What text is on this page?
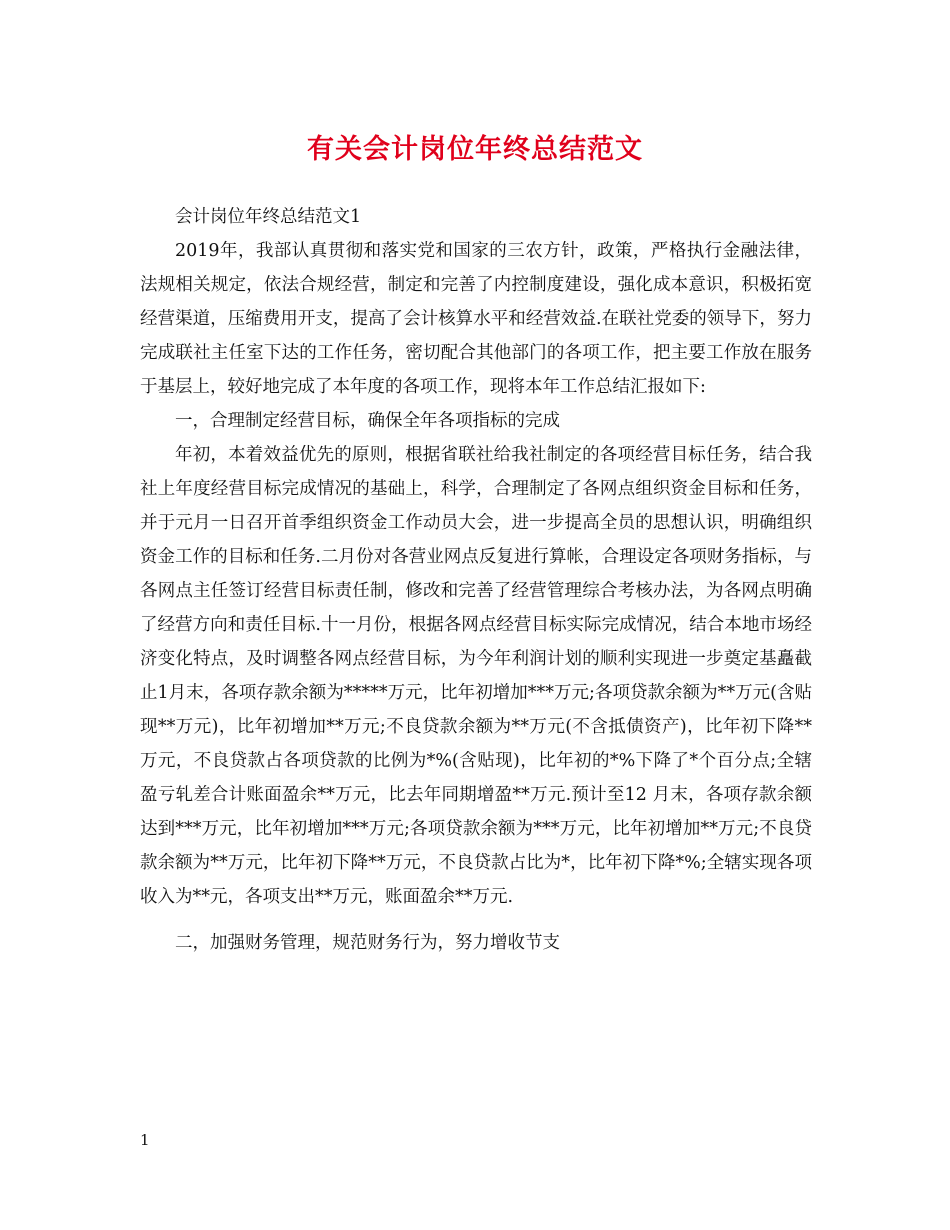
有关会计岗位年终总结范文

会计岗位年终总结范文1

2019年，我部认真贯彻和落实党和国家的三农方针，政策，严格执行金融法律，法规相关规定，依法合规经营，制定和完善了内控制度建设，强化成本意识，积极拓宽经营渠道，压缩费用开支，提高了会计核算水平和经营效益.在联社党委的领导下，努力完成联社主任室下达的工作任务，密切配合其他部门的各项工作，把主要工作放在服务于基层上，较好地完成了本年度的各项工作，现将本年工作总结汇报如下:

一，合理制定经营目标，确保全年各项指标的完成

年初，本着效益优先的原则，根据省联社给我社制定的各项经营目标任务，结合我社上年度经营目标完成情况的基础上，科学，合理制定了各网点组织资金目标和任务，并于元月一日召开首季组织资金工作动员大会，进一步提高全员的思想认识，明确组织资金工作的目标和任务.二月份对各营业网点反复进行算帐，合理设定各项财务指标，与各网点主任签订经营目标责任制，修改和完善了经营管理综合考核办法，为各网点明确了经营方向和责任目标.十一月份，根据各网点经营目标实际完成情况，结合本地市场经济变化特点，及时调整各网点经营目标，为今年利润计划的顺利实现进一步奠定基矗截止1月末，各项存款余额为*****万元，比年初增加***万元;各项贷款余额为**万元(含贴现**万元)，比年初增加**万元;不良贷款余额为**万元(不含抵债资产)，比年初下降**万元，不良贷款占各项贷款的比例为*%(含贴现)，比年初的*%下降了*个百分点;全辖盈亏轧差合计账面盈余**万元，比去年同期增盈**万元.预计至12 月末，各项存款余额达到***万元，比年初增加***万元;各项贷款余额为***万元，比年初增加**万元;不良贷款余额为**万元，比年初下降**万元，不良贷款占比为*，比年初下降*%;全辖实现各项收入为**元，各项支出**万元，账面盈余**万元.

二，加强财务管理，规范财务行为，努力增收节支

1
